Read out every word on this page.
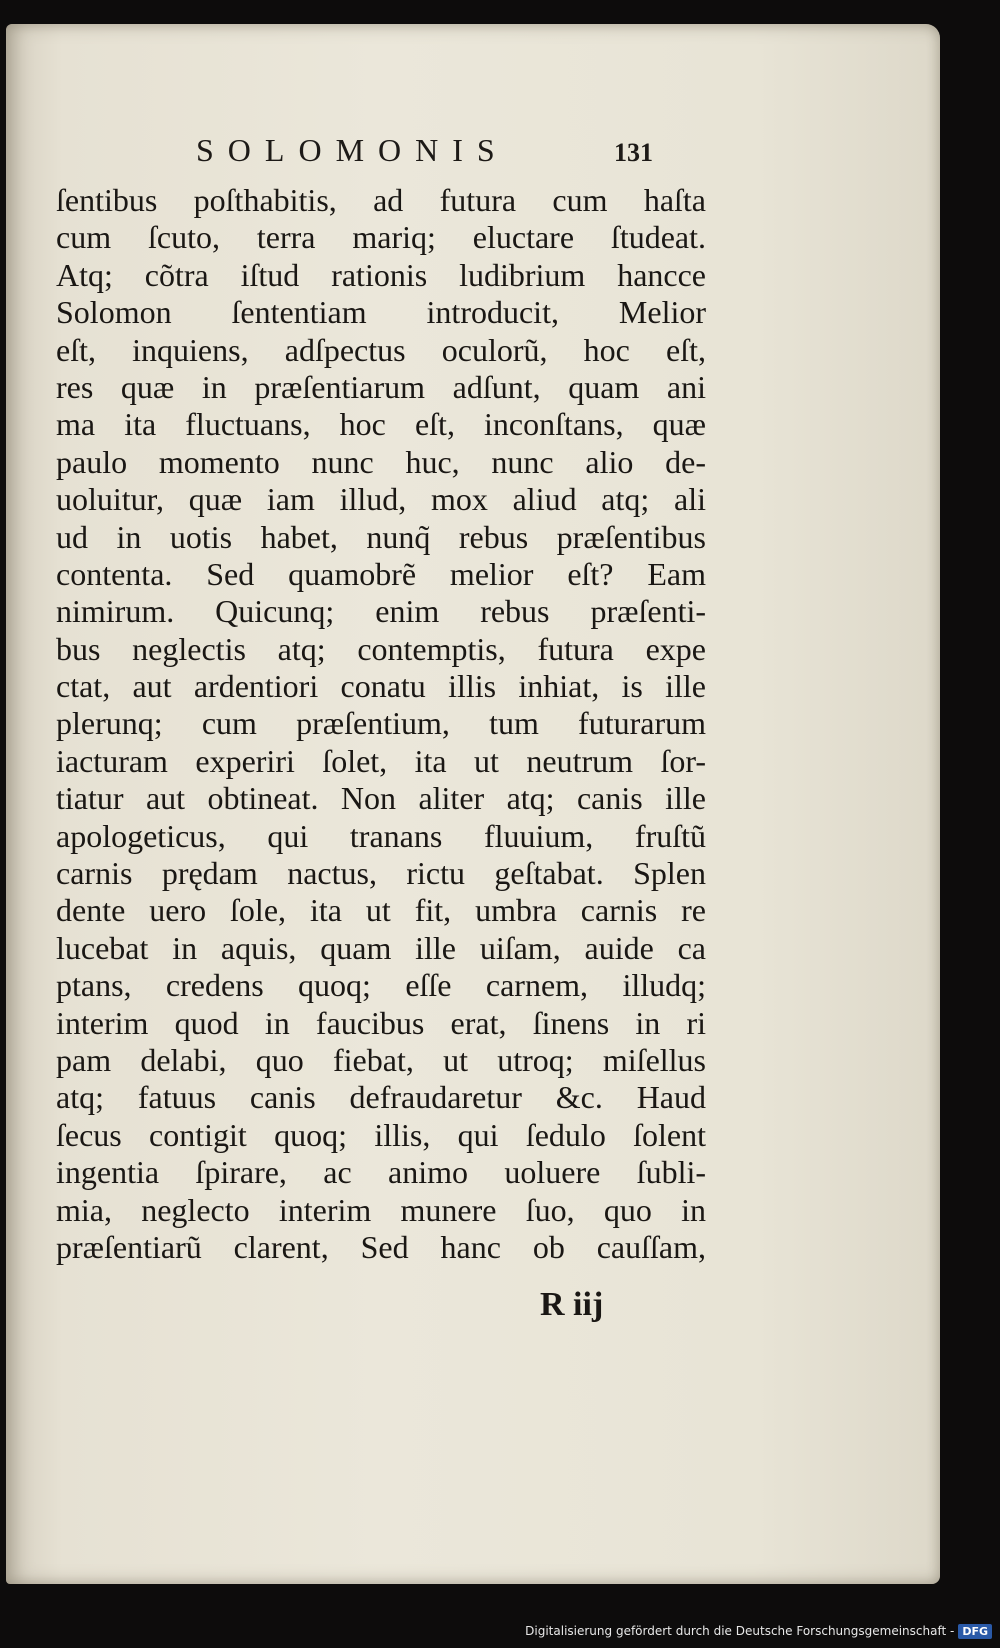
SOLOMONIS	131
ſentibus poſthabitis, ad futura cum haſta
cum ſcuto, terra mariq; eluctare ſtudeat.
Atq; cõtra iſtud rationis ludibrium hancce
Solomon ſententiam introducit, Melior
eſt, inquiens, adſpectus oculorũ, hoc eſt,
res quæ in præſentiarum adſunt, quam ani
ma ita fluctuans, hoc eſt, inconſtans, quæ
paulo momento nunc huc, nunc alio de-
uoluitur, quæ iam illud, mox aliud atq; ali
ud in uotis habet, nunq̃ rebus præſentibus
contenta. Sed quamobrẽ melior eſt? Eam
nimirum. Quicunq; enim rebus præſenti-
bus neglectis atq; contemptis, futura expe
ctat, aut ardentiori conatu illis inhiat, is ille
plerunq; cum præſentium, tum futurarum
iacturam experiri ſolet, ita ut neutrum ſor-
tiatur aut obtineat. Non aliter atq; canis ille
apologeticus, qui tranans fluuium, fruſtũ
carnis prędam nactus, rictu geſtabat. Splen
dente uero ſole, ita ut fit, umbra carnis re
lucebat in aquis, quam ille uiſam, auide ca
ptans, credens quoq; eſſe carnem, illudq;
interim quod in faucibus erat, ſinens in ri
pam delabi, quo fiebat, ut utroq; miſellus
atq; fatuus canis defraudaretur &c. Haud
ſecus contigit quoq; illis, qui ſedulo ſolent
ingentia ſpirare, ac animo uoluere ſubli-
mia, neglecto interim munere ſuo, quo in
præſentiarũ clarent, Sed hanc ob cauſſam,
R iij
Digitalisierung gefördert durch die Deutsche Forschungsgemeinschaft - DFG
